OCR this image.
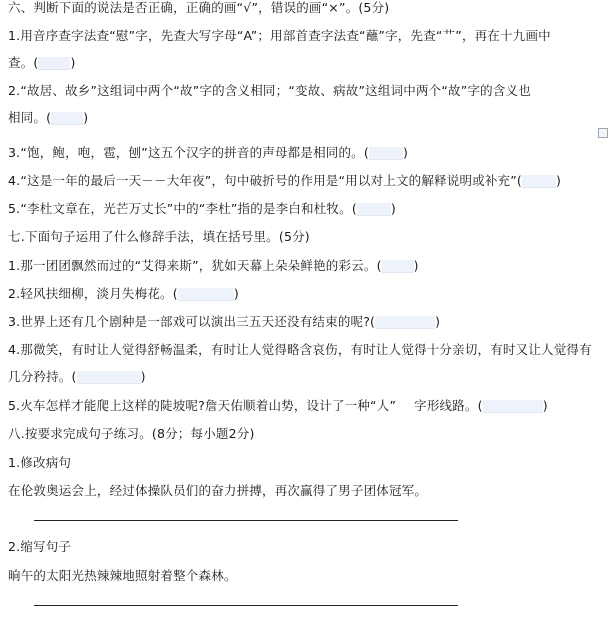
六、判断下面的说法是否正确，正确的画“√”，错误的画“×”。(5分)
1.用音序查字法查“慰”字，先查大写字母“A”；用部首查字法查“蘸”字，先查“艹”，再在十九画中
查。(	)
2.“故居、故乡”这组词中两个“故”字的含义相同；“变故、病故”这组词中两个“故”字的含义也
相同。(	)
3.“饱，鲍，咆，雹，刨”这五个汉字的拼音的声母都是相同的。(	)
4.“这是一年的最后一天－－大年夜”，句中破折号的作用是“用以对上文的解释说明或补充”(	)
5.“李杜文章在，光芒万丈长”中的“李杜”指的是李白和杜牧。(	)
七.下面句子运用了什么修辞手法，填在括号里。(5分)
1.那一团团飘然而过的“艾得来斯”，犹如天幕上朵朵鲜艳的彩云。(	)
2.轻风扶细柳，淡月失梅花。(	)
3.世界上还有几个剧种是一部戏可以演出三五天还没有结束的呢?(	)
4.那微笑，有时让人觉得舒畅温柔，有时让人觉得略含哀伤，有时让人觉得十分亲切，有时又让人觉得有
几分矜持。(	)
5.火车怎样才能爬上这样的陡坡呢?詹天佑顺着山势，设计了一种“人” 字形线路。(	)
八.按要求完成句子练习。(8分；每小题2分)
1.修改病句
在伦敦奥运会上，经过体操队员们的奋力拼搏，再次赢得了男子团体冠军。
2.缩写句子
晌午的太阳光热辣辣地照射着整个森林。
